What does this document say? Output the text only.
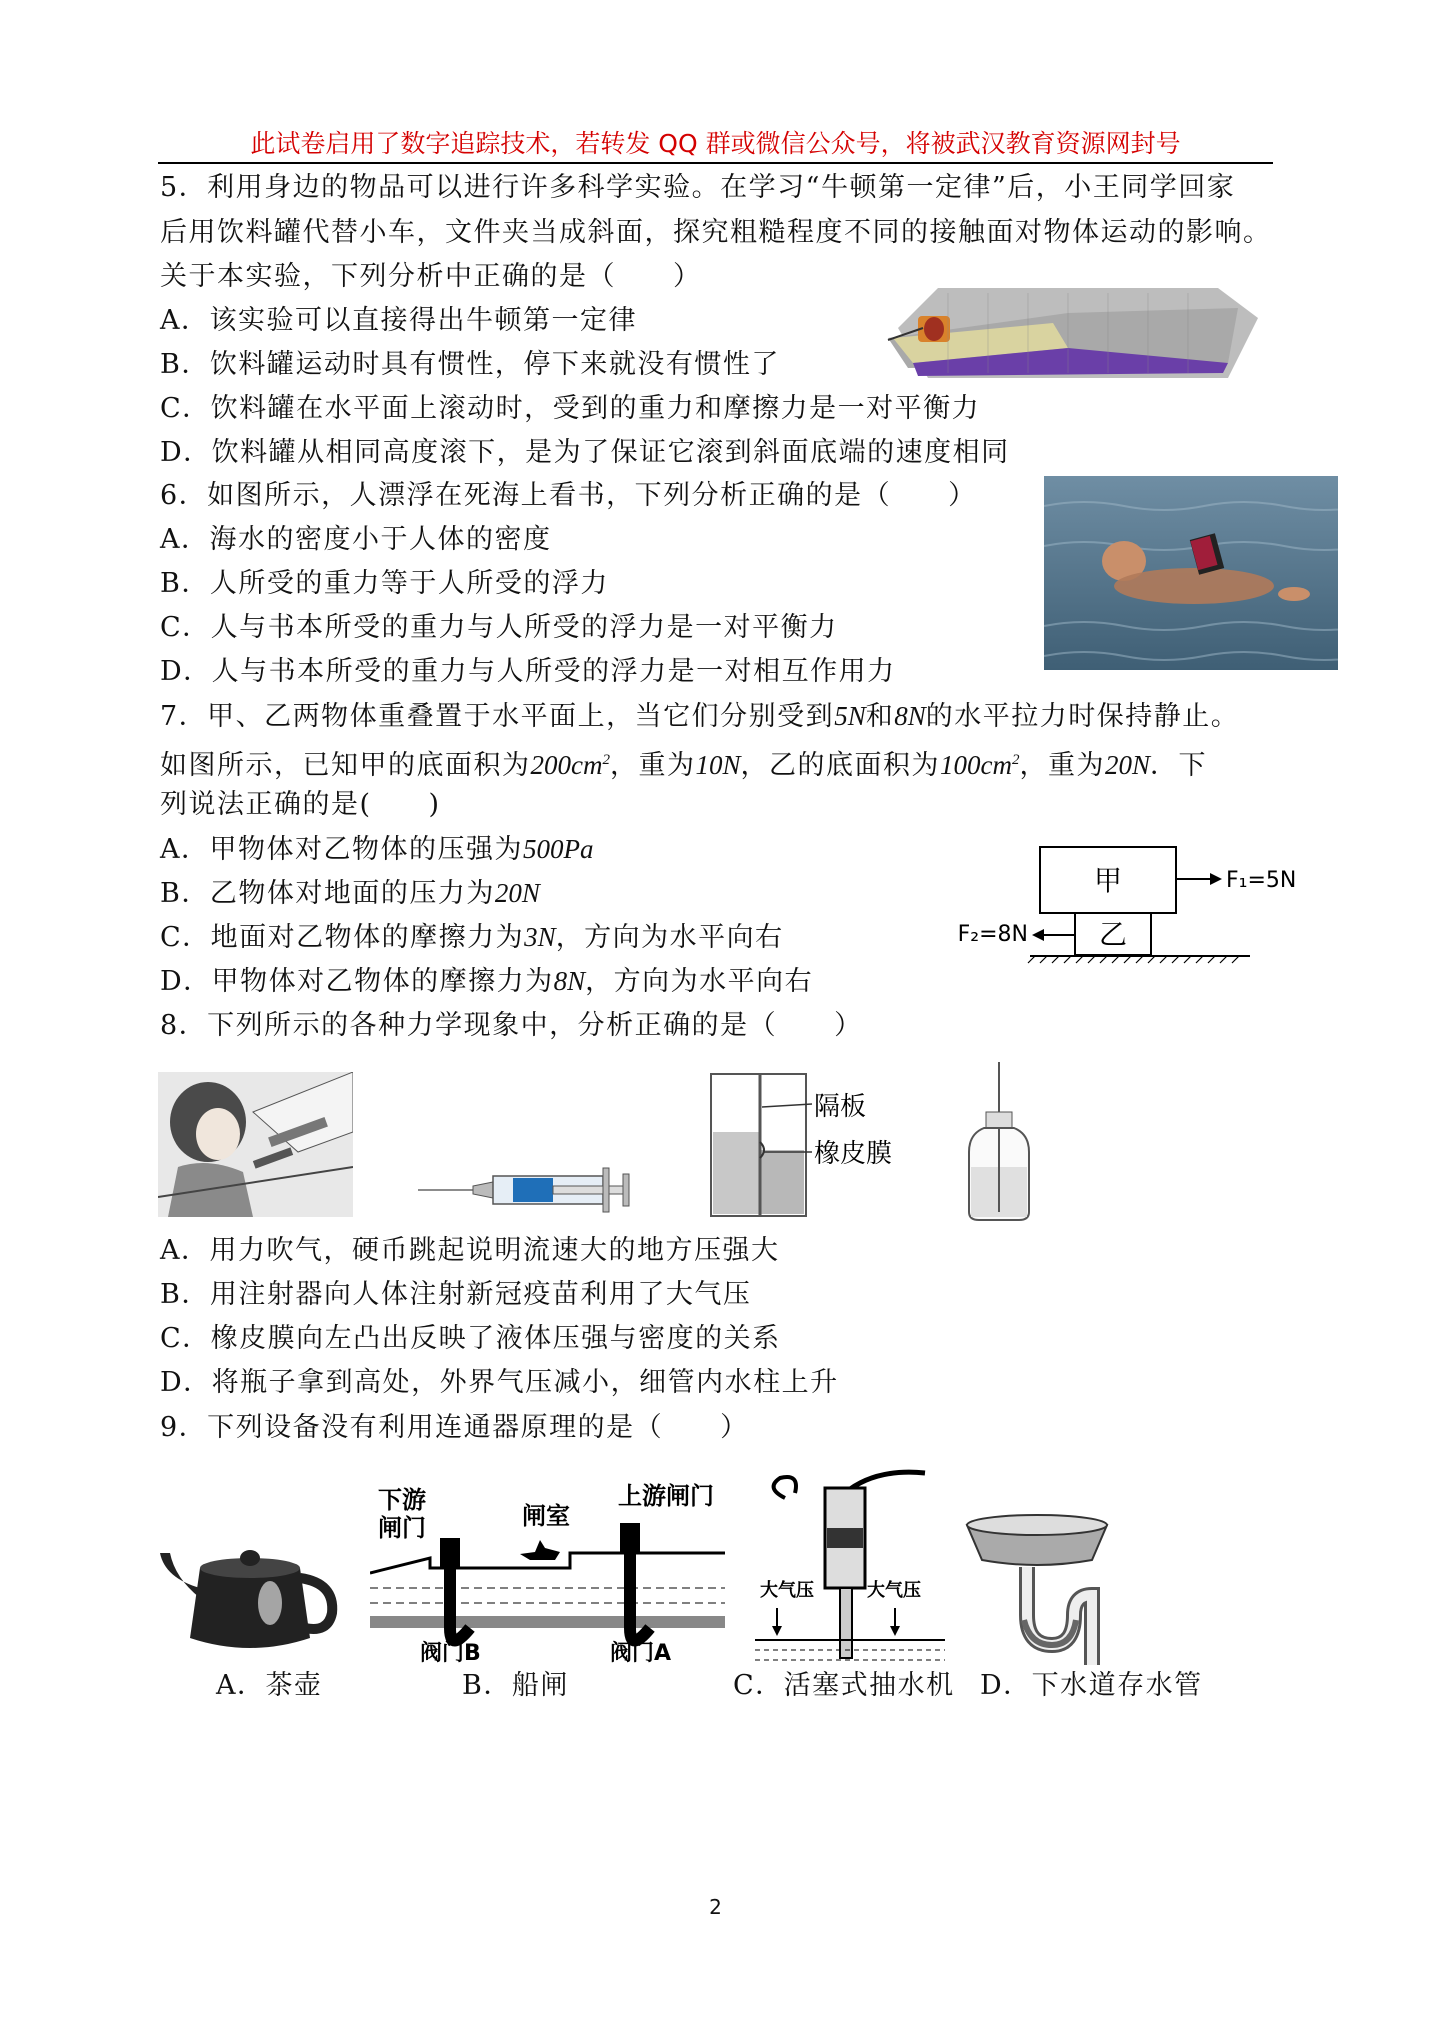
此试卷启用了数字追踪技术，若转发 QQ 群或微信公众号，将被武汉教育资源网封号
5．利用身边的物品可以进行许多科学实验。在学习“牛顿第一定律”后，小王同学回家
后用饮料罐代替小车，文件夹当成斜面，探究粗糙程度不同的接触面对物体运动的影响。
关于本实验，下列分析中正确的是（　　）
A．该实验可以直接得出牛顿第一定律
B．饮料罐运动时具有惯性，停下来就没有惯性了
C．饮料罐在水平面上滚动时，受到的重力和摩擦力是一对平衡力
D．饮料罐从相同高度滚下，是为了保证它滚到斜面底端的速度相同
6．如图所示，人漂浮在死海上看书，下列分析正确的是（　　）
A．海水的密度小于人体的密度
B．人所受的重力等于人所受的浮力
C．人与书本所受的重力与人所受的浮力是一对平衡力
D．人与书本所受的重力与人所受的浮力是一对相互作用力
7．甲、乙两物体重叠置于水平面上，当它们分别受到5N和8N的水平拉力时保持静止。
如图所示，已知甲的底面积为$200cm^2$，重为10N，乙的底面积为$100cm^2$，重为20N．下
列说法正确的是(　　)
A．甲物体对乙物体的压强为500Pa
B．乙物体对地面的压力为20N
C．地面对乙物体的摩擦力为3N，方向为水平向右
D．甲物体对乙物体的摩擦力为8N，方向为水平向右
甲
乙
F₁=5N
F₂=8N
8．下列所示的各种力学现象中，分析正确的是（　　）
隔板
橡皮膜
A．用力吹气，硬币跳起说明流速大的地方压强大
B．用注射器向人体注射新冠疫苗利用了大气压
C．橡皮膜向左凸出反映了液体压强与密度的关系
D．将瓶子拿到高处，外界气压减小，细管内水柱上升
9．下列设备没有利用连通器原理的是（　　）
下游
闸门	闸室
上游闸门
阀门B	阀门A
大气压	大气压
A．茶壶	B．船闸	C．活塞式抽水机 D．下水道存水管
2
